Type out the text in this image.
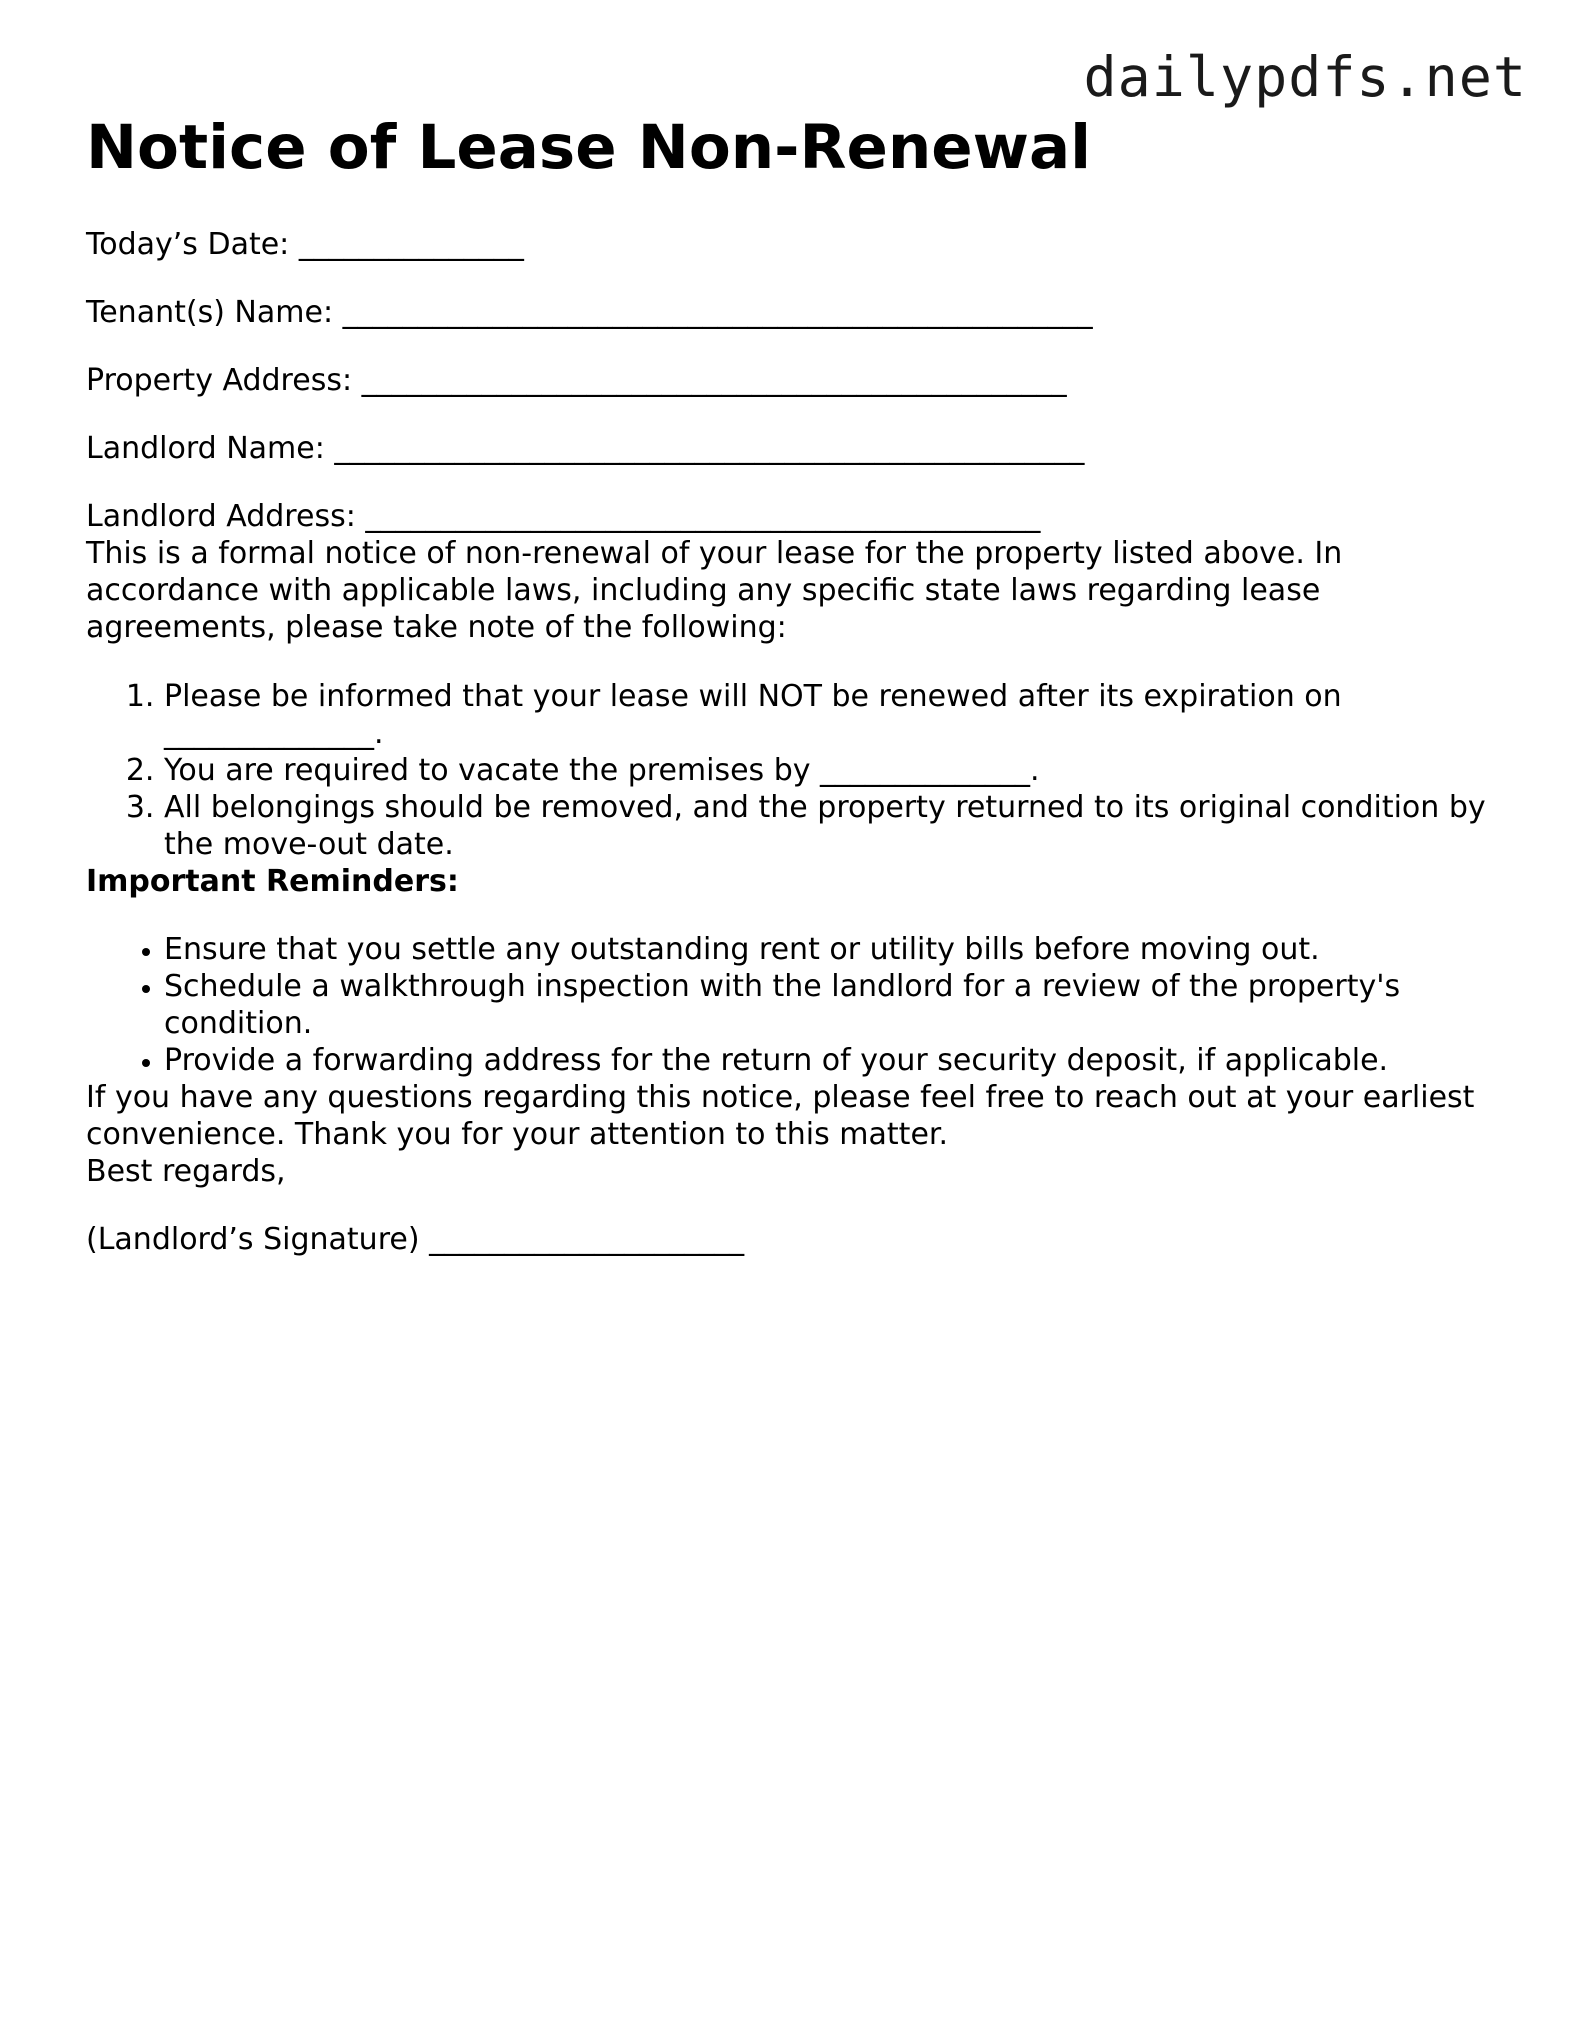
dailypdfs.net
Notice of Lease Non-Renewal
Today’s Date: _______________
Tenant(s) Name: __________________________________________________
Property Address: _______________________________________________
Landlord Name: __________________________________________________
Landlord Address: _____________________________________________

This is a formal notice of non-renewal of your lease for the property listed above. In accordance with applicable laws, including any specific state laws regarding lease agreements, please take note of the following:

1. Please be informed that your lease will NOT be renewed after its expiration on ______________.
2. You are required to vacate the premises by ______________.
3. All belongings should be removed, and the property returned to its original condition by the move-out date.

Important Reminders:

• Ensure that you settle any outstanding rent or utility bills before moving out.
• Schedule a walkthrough inspection with the landlord for a review of the property's condition.
• Provide a forwarding address for the return of your security deposit, if applicable.

If you have any questions regarding this notice, please feel free to reach out at your earliest convenience. Thank you for your attention to this matter.

Best regards,

(Landlord’s Signature) _____________________
